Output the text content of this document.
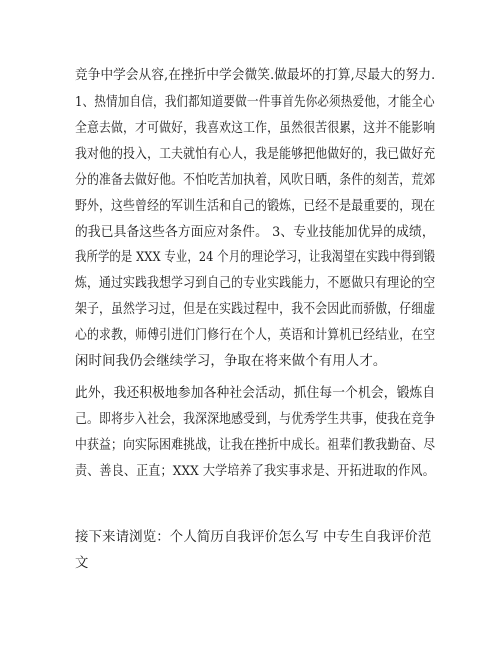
竞争中学会从容,在挫折中学会微笑.做最坏的打算,尽最大的努力.
1、热情加自信，我们都知道要做一件事首先你必须热爱他，才能全心
全意去做，才可做好，我喜欢这工作，虽然很苦很累，这并不能影响
我对他的投入，工夫就怕有心人，我是能够把他做好的，我已做好充
分的准备去做好他。不怕吃苦加执着，风吹日晒，条件的刻苦，荒郊
野外，这些曾经的军训生活和自己的锻炼，已经不是最重要的，现在
的我已具备这些各方面应对条件。 3、专业技能加优异的成绩，
我所学的是 XXX 专业，24 个月的理论学习，让我渴望在实践中得到锻
炼，通过实践我想学习到自己的专业实践能力，不愿做只有理论的空
架子，虽然学习过，但是在实践过程中，我不会因此而骄傲，仔细虚
心的求教，师傅引进们门修行在个人，英语和计算机已经结业，在空
闲时间我仍会继续学习，争取在将来做个有用人才。
此外，我还积极地参加各种社会活动，抓住每一个机会，锻炼自
己。即将步入社会，我深深地感受到，与优秀学生共事，使我在竞争
中获益；向实际困难挑战，让我在挫折中成长。祖辈们教我勤奋、尽
责、善良、正直；XXX 大学培养了我实事求是、开拓进取的作风。
接下来请浏览：个人简历自我评价怎么写 中专生自我评价范
文
